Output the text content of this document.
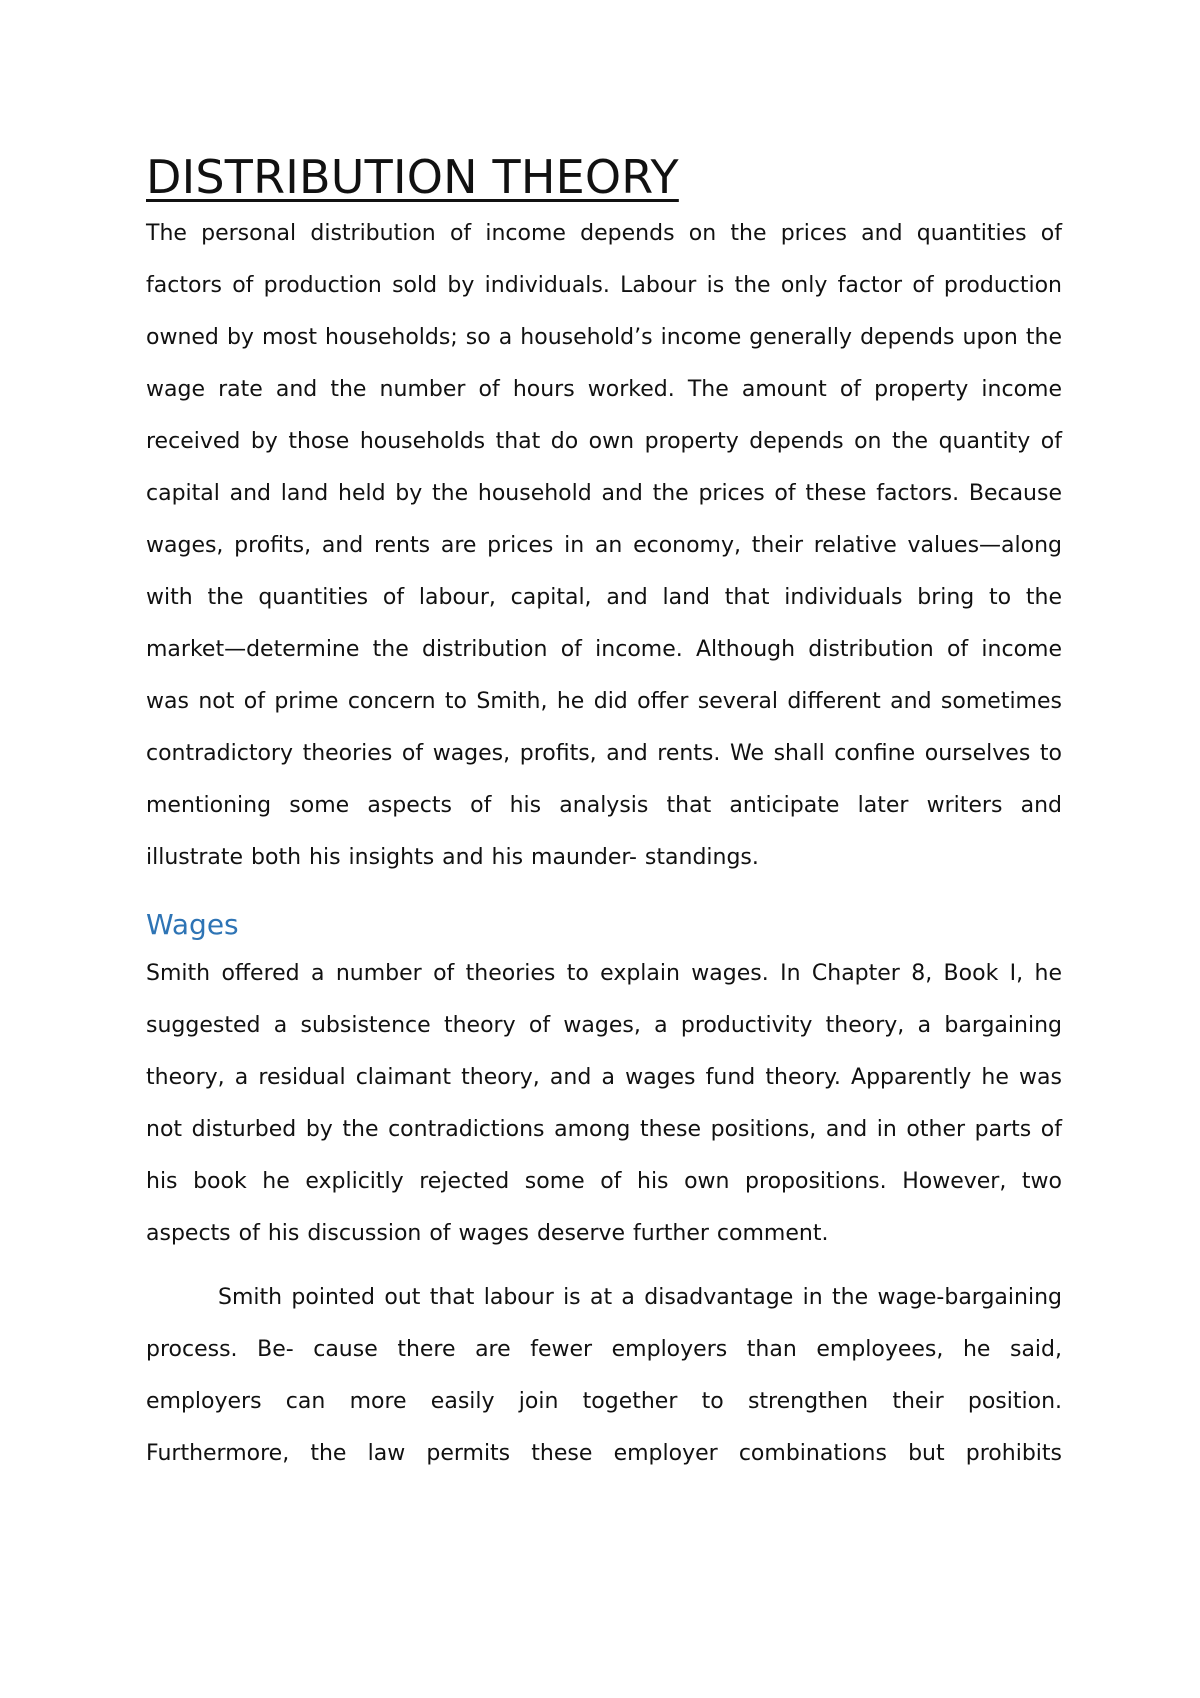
DISTRIBUTION THEORY

The personal distribution of income depends on the prices and quantities of factors of production sold by individuals. Labour is the only factor of production owned by most households; so a household’s income generally depends upon the wage rate and the number of hours worked. The amount of property income received by those households that do own property depends on the quantity of capital and land held by the household and the prices of these factors. Because wages, profits, and rents are prices in an economy, their relative values—along with the quantities of labour, capital, and land that individuals bring to the market—determine the distribution of income. Although distribution of income was not of prime concern to Smith, he did offer several different and sometimes contradictory theories of wages, profits, and rents. We shall confine ourselves to mentioning some aspects of his analysis that anticipate later writers and illustrate both his insights and his maunder- standings.

Wages

Smith offered a number of theories to explain wages. In Chapter 8, Book I, he suggested a subsistence theory of wages, a productivity theory, a bargaining theory, a residual claimant theory, and a wages fund theory. Apparently he was not disturbed by the contradictions among these positions, and in other parts of his book he explicitly rejected some of his own propositions. However, two aspects of his discussion of wages deserve further comment.

Smith pointed out that labour is at a disadvantage in the wage-bargaining process. Be- cause there are fewer employers than employees, he said, employers can more easily join together to strengthen their position. Furthermore, the law permits these employer combinations but prohibits
